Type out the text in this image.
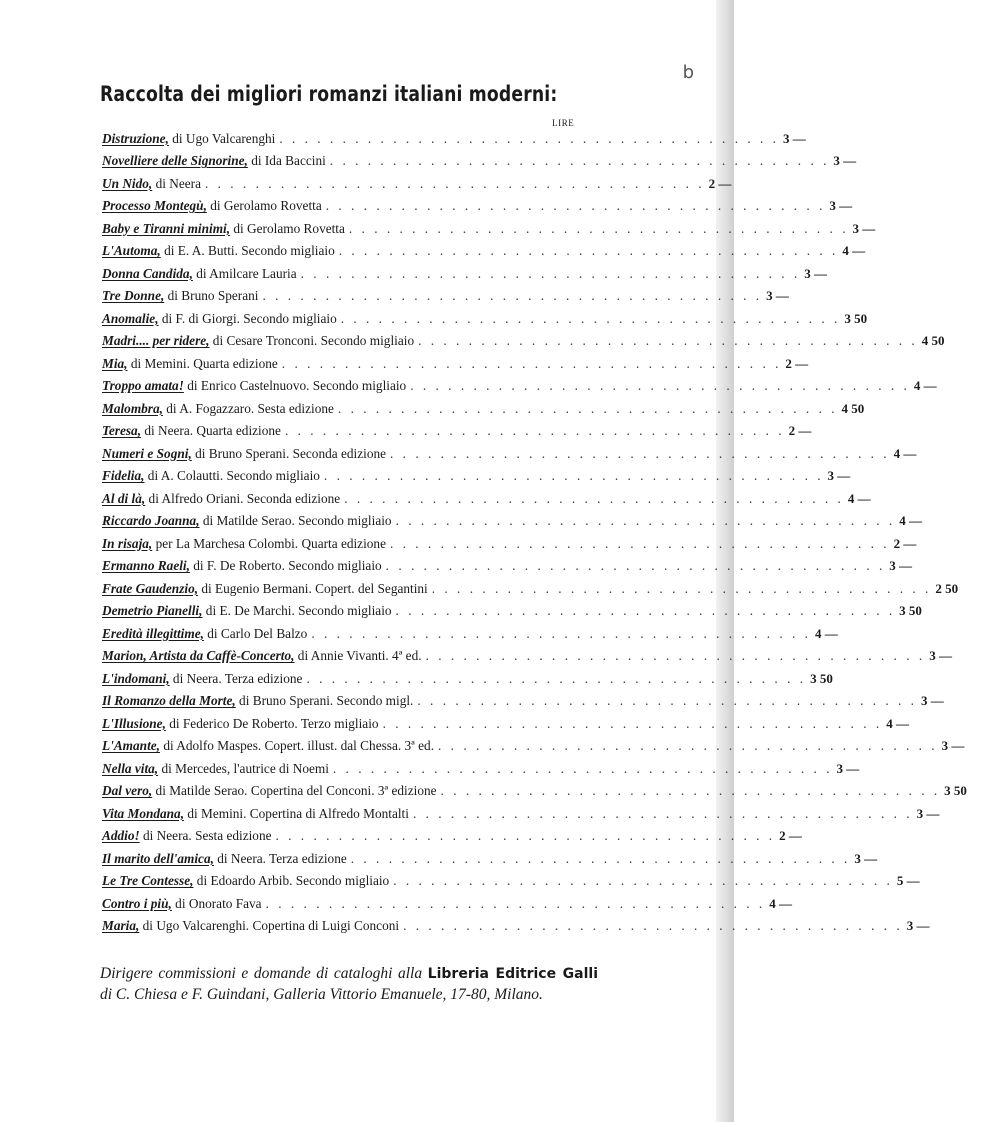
b
Raccolta dei migliori romanzi italiani moderni:
LIRE
Distruzione, di Ugo Valcarenghi . . . . . . . . . . . . . . . . . . . . . . . . . . . . . . . . . . . . . . . . 3 —
Novelliere delle Signorine, di Ida Baccini . . . . . . . . . . . . . . . . . . . . . . . . . . . . . . . . . . . . . . . . 3 —
Un Nido, di Neera . . . . . . . . . . . . . . . . . . . . . . . . . . . . . . . . . . . . . . . . 2 —
Processo Montegù, di Gerolamo Rovetta . . . . . . . . . . . . . . . . . . . . . . . . . . . . . . . . . . . . . . . . 3 —
Baby e Tiranni minimi, di Gerolamo Rovetta . . . . . . . . . . . . . . . . . . . . . . . . . . . . . . . . . . . . . . . . 3 —
L'Automa, di E. A. Butti. Secondo migliaio . . . . . . . . . . . . . . . . . . . . . . . . . . . . . . . . . . . . . . . . 4 —
Donna Candida, di Amilcare Lauria . . . . . . . . . . . . . . . . . . . . . . . . . . . . . . . . . . . . . . . . 3 —
Tre Donne, di Bruno Sperani . . . . . . . . . . . . . . . . . . . . . . . . . . . . . . . . . . . . . . . . 3 —
Anomalie, di F. di Giorgi. Secondo migliaio . . . . . . . . . . . . . . . . . . . . . . . . . . . . . . . . . . . . . . . . 3 50
Madri.... per ridere, di Cesare Tronconi. Secondo migliaio . . . . . . . . . . . . . . . . . . . . . . . . . . . . . . . . . . . . . . . . 4 50
Mia, di Memini. Quarta edizione . . . . . . . . . . . . . . . . . . . . . . . . . . . . . . . . . . . . . . . . 2 —
Troppo amata! di Enrico Castelnuovo. Secondo migliaio . . . . . . . . . . . . . . . . . . . . . . . . . . . . . . . . . . . . . . . . 4 —
Malombra, di A. Fogazzaro. Sesta edizione . . . . . . . . . . . . . . . . . . . . . . . . . . . . . . . . . . . . . . . . 4 50
Teresa, di Neera. Quarta edizione . . . . . . . . . . . . . . . . . . . . . . . . . . . . . . . . . . . . . . . . 2 —
Numeri e Sogni, di Bruno Sperani. Seconda edizione . . . . . . . . . . . . . . . . . . . . . . . . . . . . . . . . . . . . . . . . 4 —
Fidelia, di A. Colautti. Secondo migliaio . . . . . . . . . . . . . . . . . . . . . . . . . . . . . . . . . . . . . . . . 3 —
Al di là, di Alfredo Oriani. Seconda edizione . . . . . . . . . . . . . . . . . . . . . . . . . . . . . . . . . . . . . . . . 4 —
Riccardo Joanna, di Matilde Serao. Secondo migliaio . . . . . . . . . . . . . . . . . . . . . . . . . . . . . . . . . . . . . . . . 4 —
In risaja, per La Marchesa Colombi. Quarta edizione . . . . . . . . . . . . . . . . . . . . . . . . . . . . . . . . . . . . . . . . 2 —
Ermanno Raeli, di F. De Roberto. Secondo migliaio . . . . . . . . . . . . . . . . . . . . . . . . . . . . . . . . . . . . . . . . 3 —
Frate Gaudenzio, di Eugenio Bermani. Copert. del Segantini . . . . . . . . . . . . . . . . . . . . . . . . . . . . . . . . . . . . . . . . 2 50
Demetrio Pianelli, di E. De Marchi. Secondo migliaio . . . . . . . . . . . . . . . . . . . . . . . . . . . . . . . . . . . . . . . . 3 50
Eredità illegittime, di Carlo Del Balzo . . . . . . . . . . . . . . . . . . . . . . . . . . . . . . . . . . . . . . . . 4 —
Marion, Artista da Caffè-Concerto, di Annie Vivanti. 4ª ed. . . . . . . . . . . . . . . . . . . . . . . . . . . . . . . . . . . . . . . . . 3 —
L'indomani, di Neera. Terza edizione . . . . . . . . . . . . . . . . . . . . . . . . . . . . . . . . . . . . . . . . 3 50
Il Romanzo della Morte, di Bruno Sperani. Secondo migl. . . . . . . . . . . . . . . . . . . . . . . . . . . . . . . . . . . . . . . . . 3 —
L'Illusione, di Federico De Roberto. Terzo migliaio . . . . . . . . . . . . . . . . . . . . . . . . . . . . . . . . . . . . . . . . 4 —
L'Amante, di Adolfo Maspes. Copert. illust. dal Chessa. 3ª ed. . . . . . . . . . . . . . . . . . . . . . . . . . . . . . . . . . . . . . . . . 3 —
Nella vita, di Mercedes, l'autrice di Noemi . . . . . . . . . . . . . . . . . . . . . . . . . . . . . . . . . . . . . . . . 3 —
Dal vero, di Matilde Serao. Copertina del Conconi. 3ª edizione . . . . . . . . . . . . . . . . . . . . . . . . . . . . . . . . . . . . . . . . 3 50
Vita Mondana, di Memini. Copertina di Alfredo Montalti . . . . . . . . . . . . . . . . . . . . . . . . . . . . . . . . . . . . . . . . 3 —
Addio! di Neera. Sesta edizione . . . . . . . . . . . . . . . . . . . . . . . . . . . . . . . . . . . . . . . . 2 —
Il marito dell'amica, di Neera. Terza edizione . . . . . . . . . . . . . . . . . . . . . . . . . . . . . . . . . . . . . . . . 3 —
Le Tre Contesse, di Edoardo Arbib. Secondo migliaio . . . . . . . . . . . . . . . . . . . . . . . . . . . . . . . . . . . . . . . . 5 —
Contro i più, di Onorato Fava . . . . . . . . . . . . . . . . . . . . . . . . . . . . . . . . . . . . . . . . 4 —
Maria, di Ugo Valcarenghi. Copertina di Luigi Conconi . . . . . . . . . . . . . . . . . . . . . . . . . . . . . . . . . . . . . . . . 3 —
Dirigere commissioni e domande di cataloghi alla Libreria Editrice Galli di C. Chiesa e F. Guindani, Galleria Vittorio Emanuele, 17-80, Milano.
